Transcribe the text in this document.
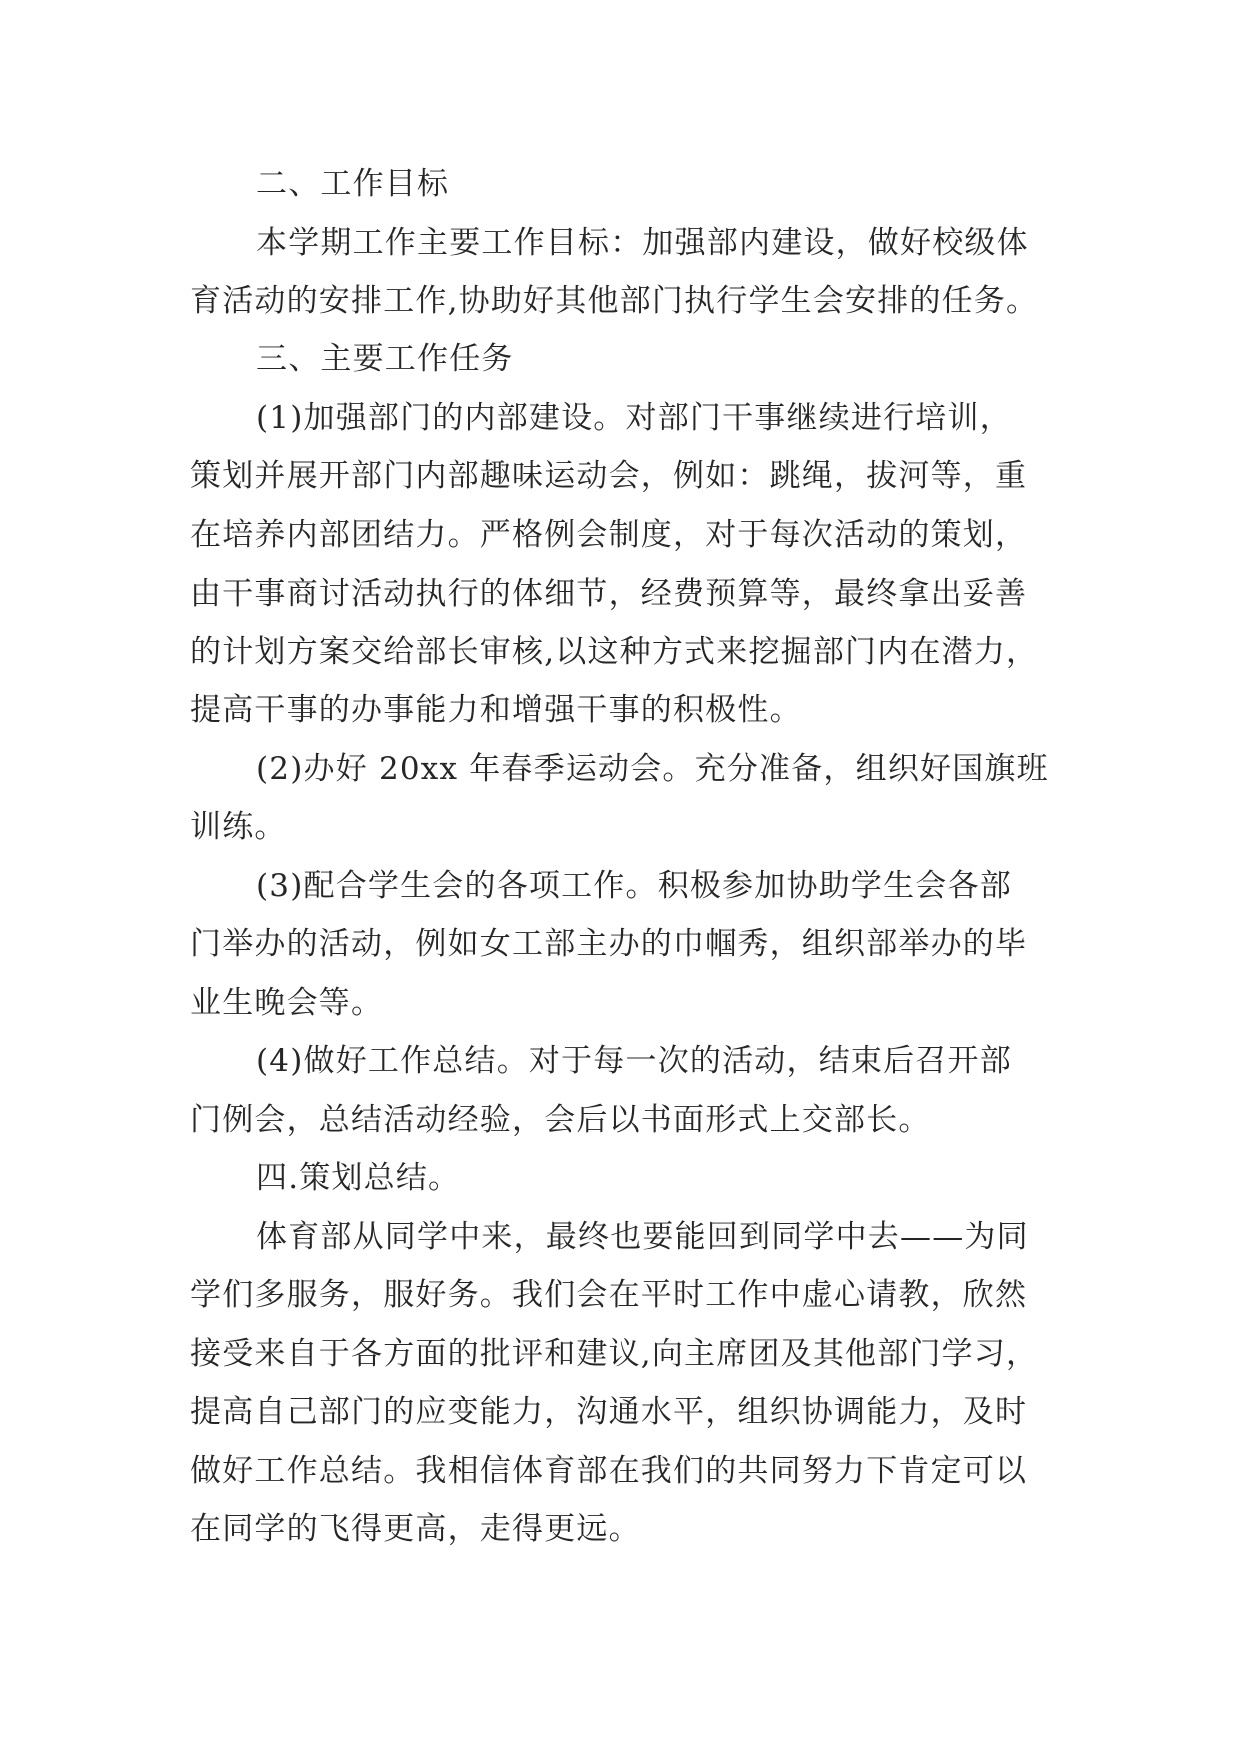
二、工作目标
本学期工作主要工作目标：加强部内建设，做好校级体
育活动的安排工作,协助好其他部门执行学生会安排的任务。
三、主要工作任务
(1)加强部门的内部建设。对部门干事继续进行培训，
策划并展开部门内部趣味运动会，例如：跳绳，拔河等，重
在培养内部团结力。严格例会制度，对于每次活动的策划，
由干事商讨活动执行的体细节，经费预算等，最终拿出妥善
的计划方案交给部长审核,以这种方式来挖掘部门内在潜力，
提高干事的办事能力和增强干事的积极性。
(2)办好 20xx 年春季运动会。充分准备，组织好国旗班
训练。
(3)配合学生会的各项工作。积极参加协助学生会各部
门举办的活动，例如女工部主办的巾帼秀，组织部举办的毕
业生晚会等。
(4)做好工作总结。对于每一次的活动，结束后召开部
门例会，总结活动经验，会后以书面形式上交部长。
四.策划总结。
体育部从同学中来，最终也要能回到同学中去——为同
学们多服务，服好务。我们会在平时工作中虚心请教，欣然
接受来自于各方面的批评和建议,向主席团及其他部门学习，
提高自己部门的应变能力，沟通水平，组织协调能力，及时
做好工作总结。我相信体育部在我们的共同努力下肯定可以
在同学的飞得更高，走得更远。
